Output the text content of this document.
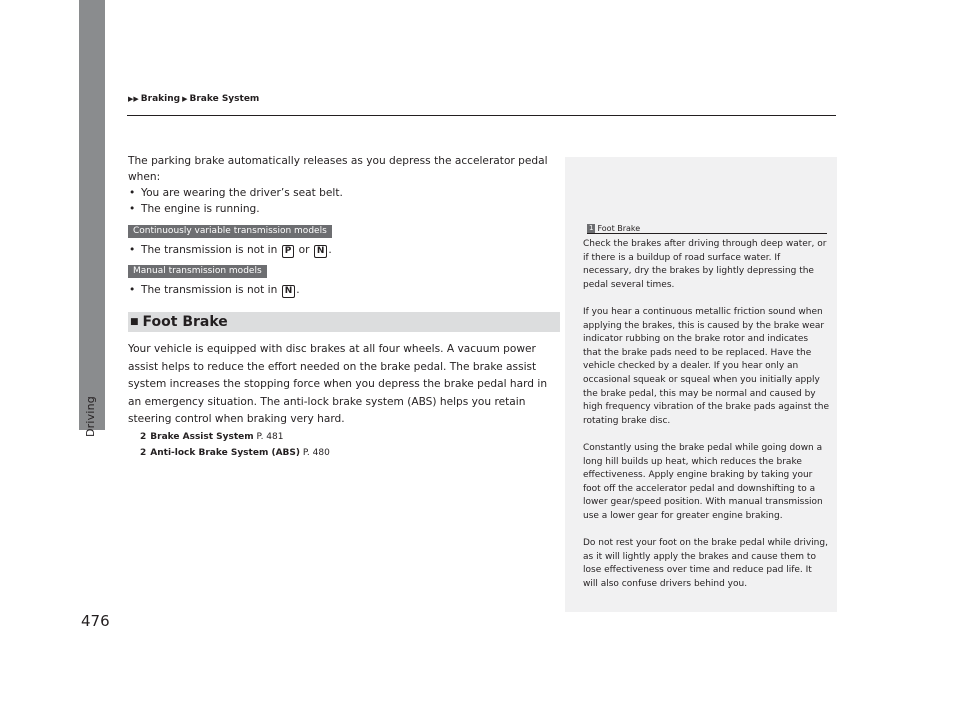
Driving
476
▶▶ Braking ▶ Brake System

The parking brake automatically releases as you depress the accelerator pedal when:

• You are wearing the driver’s seat belt.
• The engine is running.
Continuously variable transmission models
• The transmission is not in P or N .
Manual transmission models
• The transmission is not in N .
■ Foot Brake

Your vehicle is equipped with disc brakes at all four wheels. A vacuum power assist helps to reduce the effort needed on the brake pedal. The brake assist system increases the stopping force when you depress the brake pedal hard in an emergency situation. The anti-lock brake system (ABS) helps you retain steering control when braking very hard.

2 Brake Assist System P. 481
2 Anti-lock Brake System (ABS) P. 480
1 Foot Brake

Check the brakes after driving through deep water, or if there is a buildup of road surface water. If necessary, dry the brakes by lightly depressing the pedal several times.

If you hear a continuous metallic friction sound when applying the brakes, this is caused by the brake wear indicator rubbing on the brake rotor and indicates that the brake pads need to be replaced. Have the vehicle checked by a dealer. If you hear only an occasional squeak or squeal when you initially apply the brake pedal, this may be normal and caused by high frequency vibration of the brake pads against the rotating brake disc.

Constantly using the brake pedal while going down a long hill builds up heat, which reduces the brake effectiveness. Apply engine braking by taking your foot off the accelerator pedal and downshifting to a lower gear/speed position. With manual transmission use a lower gear for greater engine braking.

Do not rest your foot on the brake pedal while driving, as it will lightly apply the brakes and cause them to lose effectiveness over time and reduce pad life. It will also confuse drivers behind you.
